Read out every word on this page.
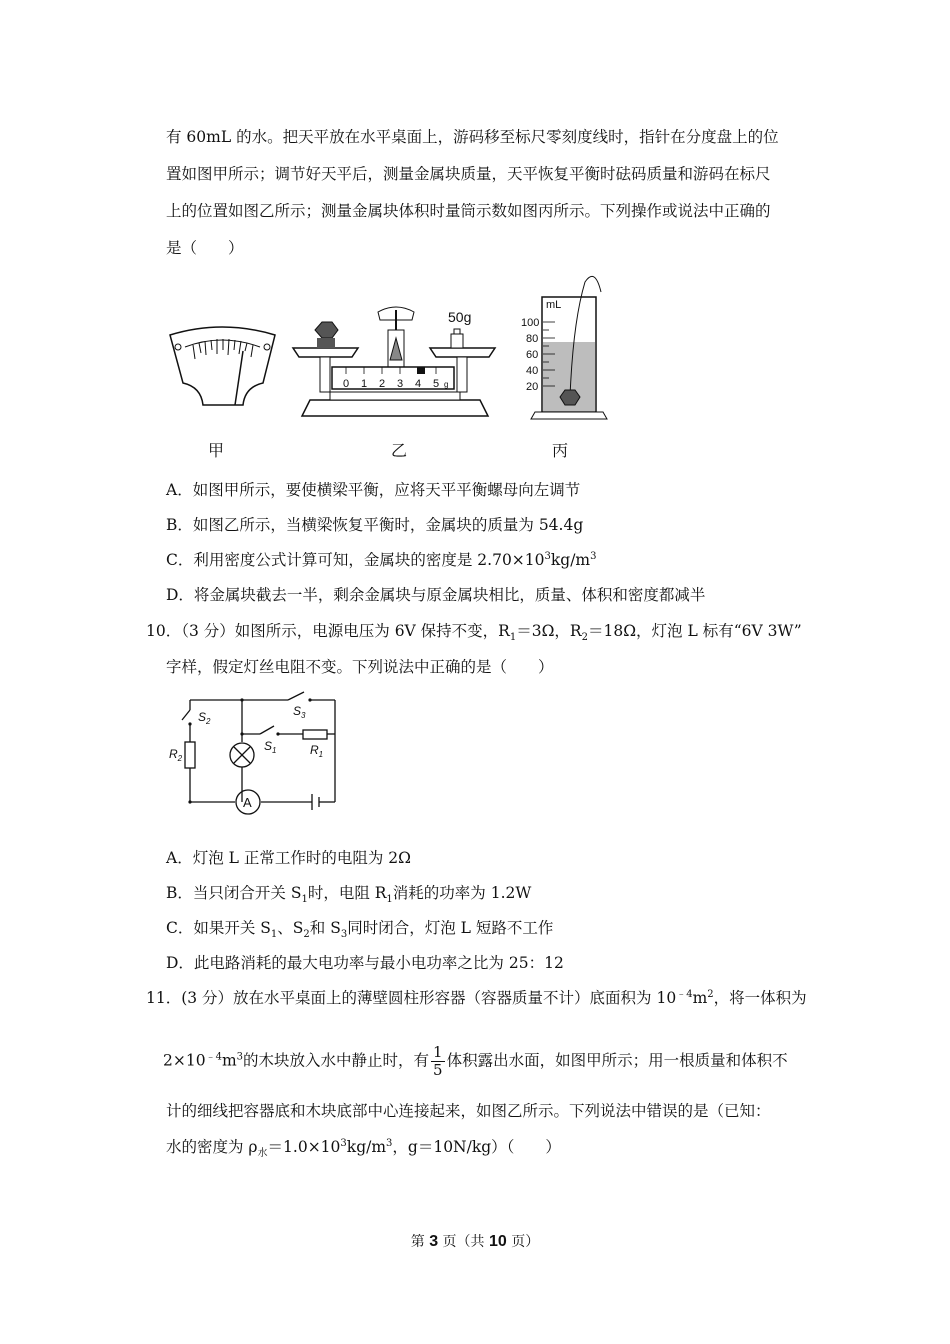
有 60mL 的水。把天平放在水平桌面上，游码移至标尺零刻度线时，指针在分度盘上的位
置如图甲所示；调节好天平后，测量金属块质量，天平恢复平衡时砝码质量和游码在标尺
上的位置如图乙所示；测量金属块体积时量筒示数如图丙所示。下列操作或说法中正确的
是（　　）
50g
0 1 2 3 4 5 g
mL
100
80
60
40
20
甲	乙	丙
A．如图甲所示，要使横梁平衡，应将天平平衡螺母向左调节
B．如图乙所示，当横梁恢复平衡时，金属块的质量为 54.4g
C．利用密度公式计算可知，金属块的密度是 $2.70\times 10^3kg/m^3$
D．将金属块截去一半，剩余金属块与原金属块相比，质量、体积和密度都减半
10．（3 分）如图所示，电源电压为 6V 保持不变，$R_1=3\Omega$，$R_2=18\Omega$，灯泡 L 标有“6V 3W”
字样，假定灯丝电阻不变。下列说法中正确的是（　　）
$S_2$
$S_3$
$S_1$	$R_1$
$R_2$
A
A．灯泡 L 正常工作时的电阻为 2Ω
B．当只闭合开关 $S_1$时，电阻 $R_1$消耗的功率为 1.2W
C．如果开关 $S_1$、$S_2$和 $S_3$同时闭合，灯泡 L 短路不工作
D．此电路消耗的最大电功率与最小电功率之比为 25：12
11．(3 分）放在水平桌面上的薄壁圆柱形容器（容器质量不计）底面积为 $10^{﹣4}m^2$，将一体积为
$2\times 10^{﹣4}m^3$的木块放入水中静止时，有 $\frac{1}{5}$ 体积露出水面，如图甲所示；用一根质量和体积不
计的细线把容器底和木块底部中心连接起来，如图乙所示。下列说法中错误的是（已知：
水的密度为 $\rho_水=1.0\times 10^3kg/m^3$，g＝10N/kg）（　　）
第 3 页（共 10 页）
